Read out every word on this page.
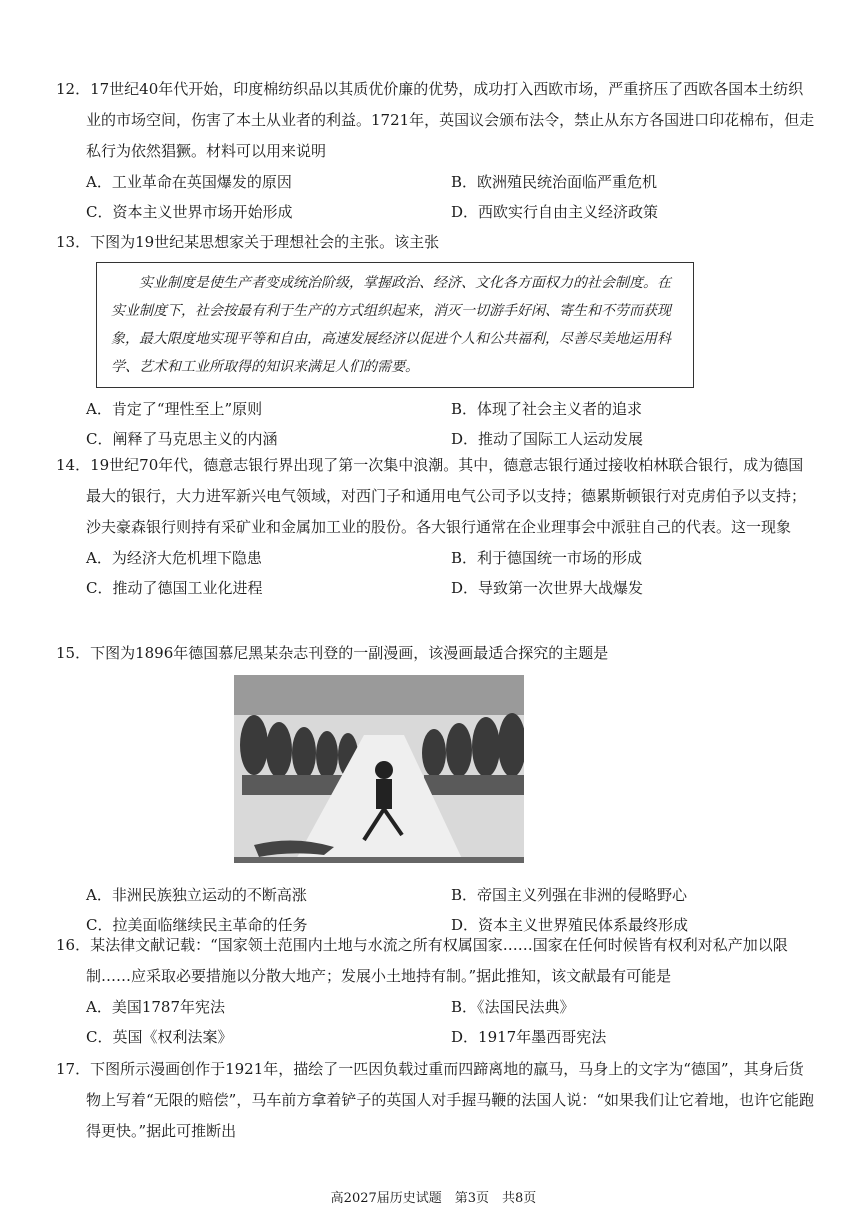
12．17世纪40年代开始，印度棉纺织品以其质优价廉的优势，成功打入西欧市场，严重挤压了西欧各国本土纺织业的市场空间，伤害了本土从业者的利益。1721年，英国议会颁布法令，禁止从东方各国进口印花棉布，但走私行为依然猖獗。材料可以用来说明

A．工业革命在英国爆发的原因	B．欧洲殖民统治面临严重危机
C．资本主义世界市场开始形成	D．西欧实行自由主义经济政策

13．下图为19世纪某思想家关于理想社会的主张。该主张

实业制度是使生产者变成统治阶级，掌握政治、经济、文化各方面权力的社会制度。在实业制度下，社会按最有利于生产的方式组织起来，消灭一切游手好闲、寄生和不劳而获现象，最大限度地实现平等和自由，高速发展经济以促进个人和公共福利，尽善尽美地运用科学、艺术和工业所取得的知识来满足人们的需要。

A．肯定了“理性至上”原则	B．体现了社会主义者的追求
C．阐释了马克思主义的内涵	D．推动了国际工人运动发展

14．19世纪70年代，德意志银行界出现了第一次集中浪潮。其中，德意志银行通过接收柏林联合银行，成为德国最大的银行，大力进军新兴电气领域，对西门子和通用电气公司予以支持；德累斯顿银行对克虏伯予以支持；沙夫豪森银行则持有采矿业和金属加工业的股份。各大银行通常在企业理事会中派驻自己的代表。这一现象

A．为经济大危机埋下隐患	B．利于德国统一市场的形成
C．推动了德国工业化进程	D．导致第一次世界大战爆发

15．下图为1896年德国慕尼黑某杂志刊登的一副漫画，该漫画最适合探究的主题是

A．非洲民族独立运动的不断高涨	B．帝国主义列强在非洲的侵略野心
C．拉美面临继续民主革命的任务	D．资本主义世界殖民体系最终形成

16．某法律文献记载：“国家领土范围内土地与水流之所有权属国家……国家在任何时候皆有权利对私产加以限制……应采取必要措施以分散大地产；发展小土地持有制。”据此推知，该文献最有可能是

A．美国1787年宪法	B．《法国民法典》
C．英国《权利法案》	D．1917年墨西哥宪法

17．下图所示漫画创作于1921年，描绘了一匹因负载过重而四蹄离地的羸马，马身上的文字为“德国”，其身后货物上写着“无限的赔偿”，马车前方拿着铲子的英国人对手握马鞭的法国人说：“如果我们让它着地，也许它能跑得更快。”据此可推断出

高2027届历史试题　第3页　共8页
